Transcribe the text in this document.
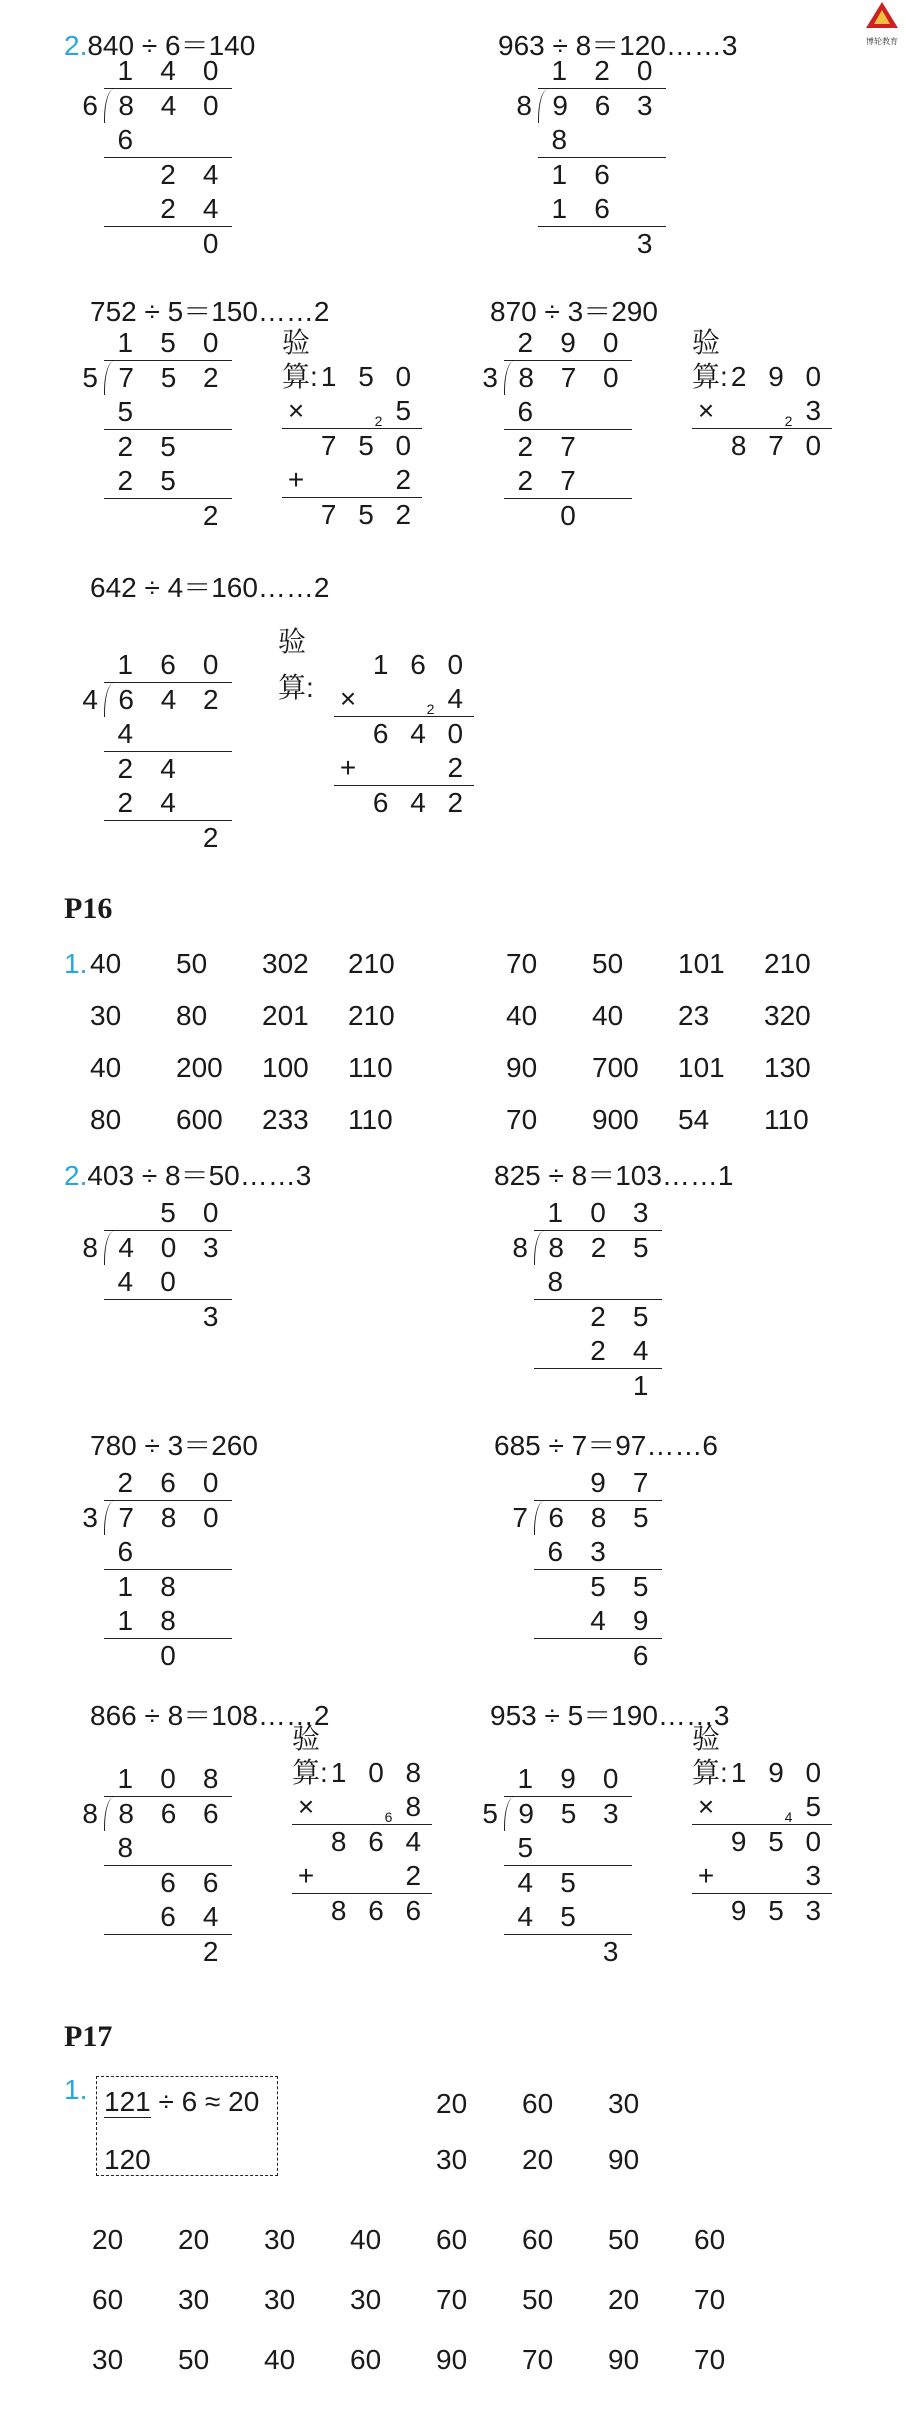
博轮教育
2.840 ÷ 6＝140
1 4 0
6 8 4 0
6
2 4
2 4
0
963 ÷ 8＝120……3
1 2 0
8 9 6 3
8
1 6
1 6
3
752 ÷ 5＝150……2
1 5 0
5 7 5 2
5
2 5
2 5
2
验算: 1 5 0
×	5
2
7 5 0
+	2
7 5 2
870 ÷ 3＝290
2 9 0
3 8 7 0
6
2 7
2 7
0
验算: 2 9 0
×	3
2
8 7 0
642 ÷ 4＝160……2
1 6 0
4 6 4 2
4
2 4
2 4
2
1 6 0
×	4
2
6 4 0
+	2
6 4 2
验
算:
P16
1. 40	50	302	210
30	80	201	210
40	200	100	110
80	600	233	110
70	50	101	210
40	40	23	320
90	700	101	130
70	900	54	110
2.403 ÷ 8＝50……3
5 0
8 4 0 3
4 0
3
825 ÷ 8＝103……1
1 0 3
8 8 2 5
8
2 5
2 4
1
780 ÷ 3＝260
2 6 0
3 7 8 0
6
1 8
1 8
0
685 ÷ 7＝97……6
9 7
7 6 8 5
6 3
5 5
4 9
6
866 ÷ 8＝108……2
1 0 8
8 8 6 6
8
6 6
6 4
2
验算: 1 0 8
×	8
6
8 6 4
+	2
8 6 6
953 ÷ 5＝190……3
1 9 0
5 9 5 3
5
4 5
4 5
3
验算: 1 9 0
×	5
4
9 5 0
+	3
9 5 3
P17
1. 121 ÷ 6 ≈ 20
120
20	60	30
30	20	90
20	20	30	40	60	60	50	60
60	30	30	30	70	50	20	70
30	50	40	60	90	70	90	70
